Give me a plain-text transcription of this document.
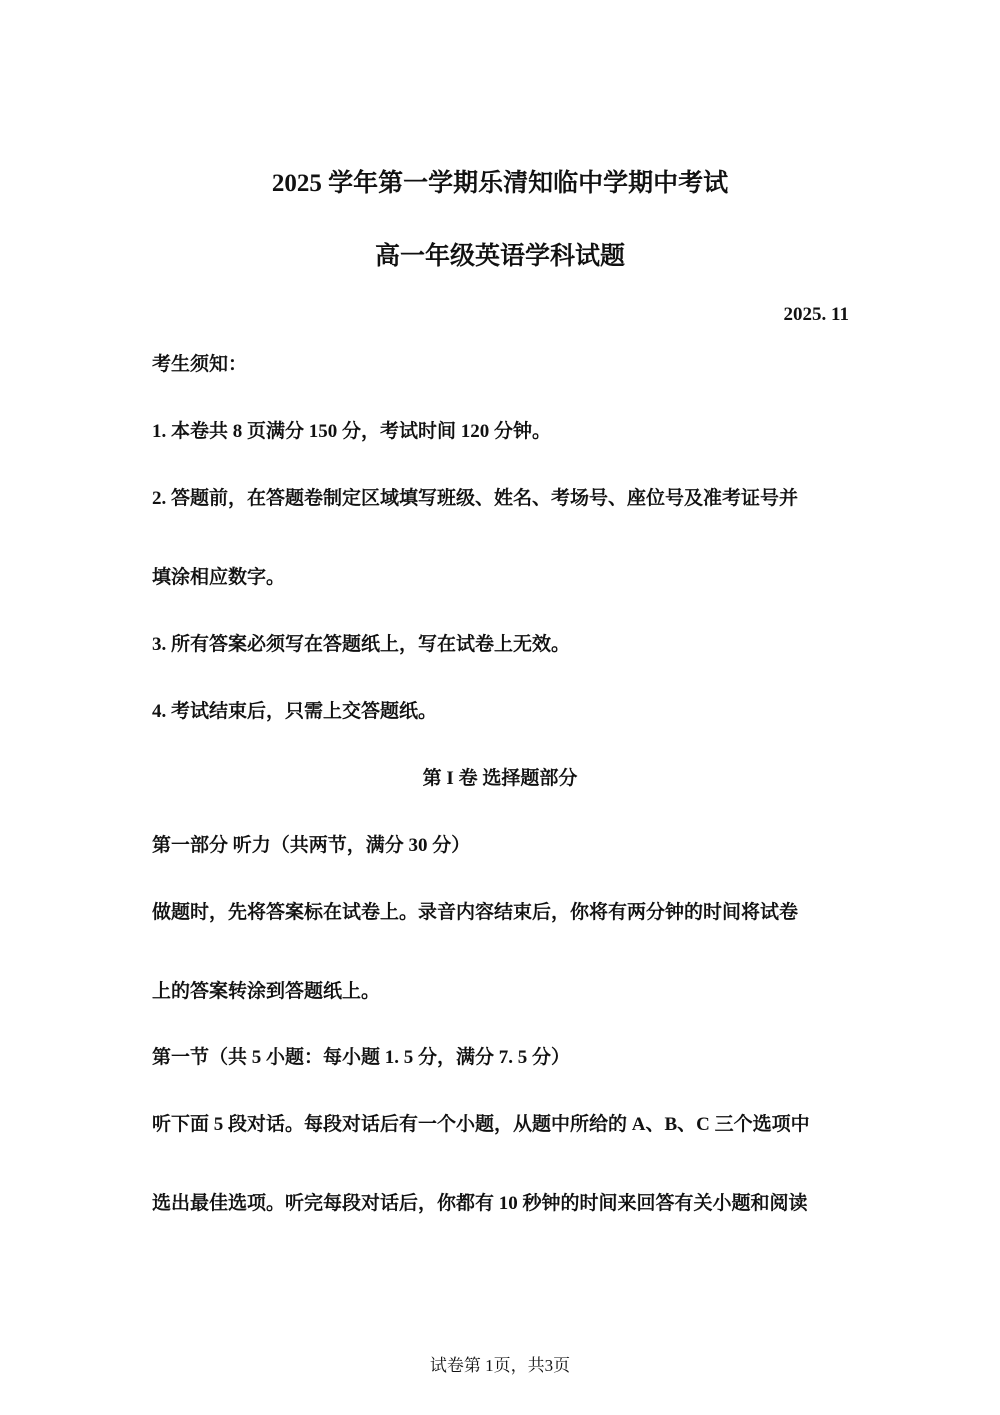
2025 学年第一学期乐清知临中学期中考试
高一年级英语学科试题
2025. 11
考生须知：
1. 本卷共 8 页满分 150 分，考试时间 120 分钟。
2. 答题前，在答题卷制定区域填写班级、姓名、考场号、座位号及准考证号并
填涂相应数字。
3. 所有答案必须写在答题纸上，写在试卷上无效。
4. 考试结束后，只需上交答题纸。
第 I 卷 选择题部分
第一部分 听力（共两节，满分 30 分）
做题时，先将答案标在试卷上。录音内容结束后，你将有两分钟的时间将试卷
上的答案转涂到答题纸上。
第一节（共 5 小题：每小题 1. 5 分，满分 7. 5 分）
听下面 5 段对话。每段对话后有一个小题，从题中所给的 A、B、C 三个选项中
选出最佳选项。听完每段对话后，你都有 10 秒钟的时间来回答有关小题和阅读
试卷第 1页，共3页
